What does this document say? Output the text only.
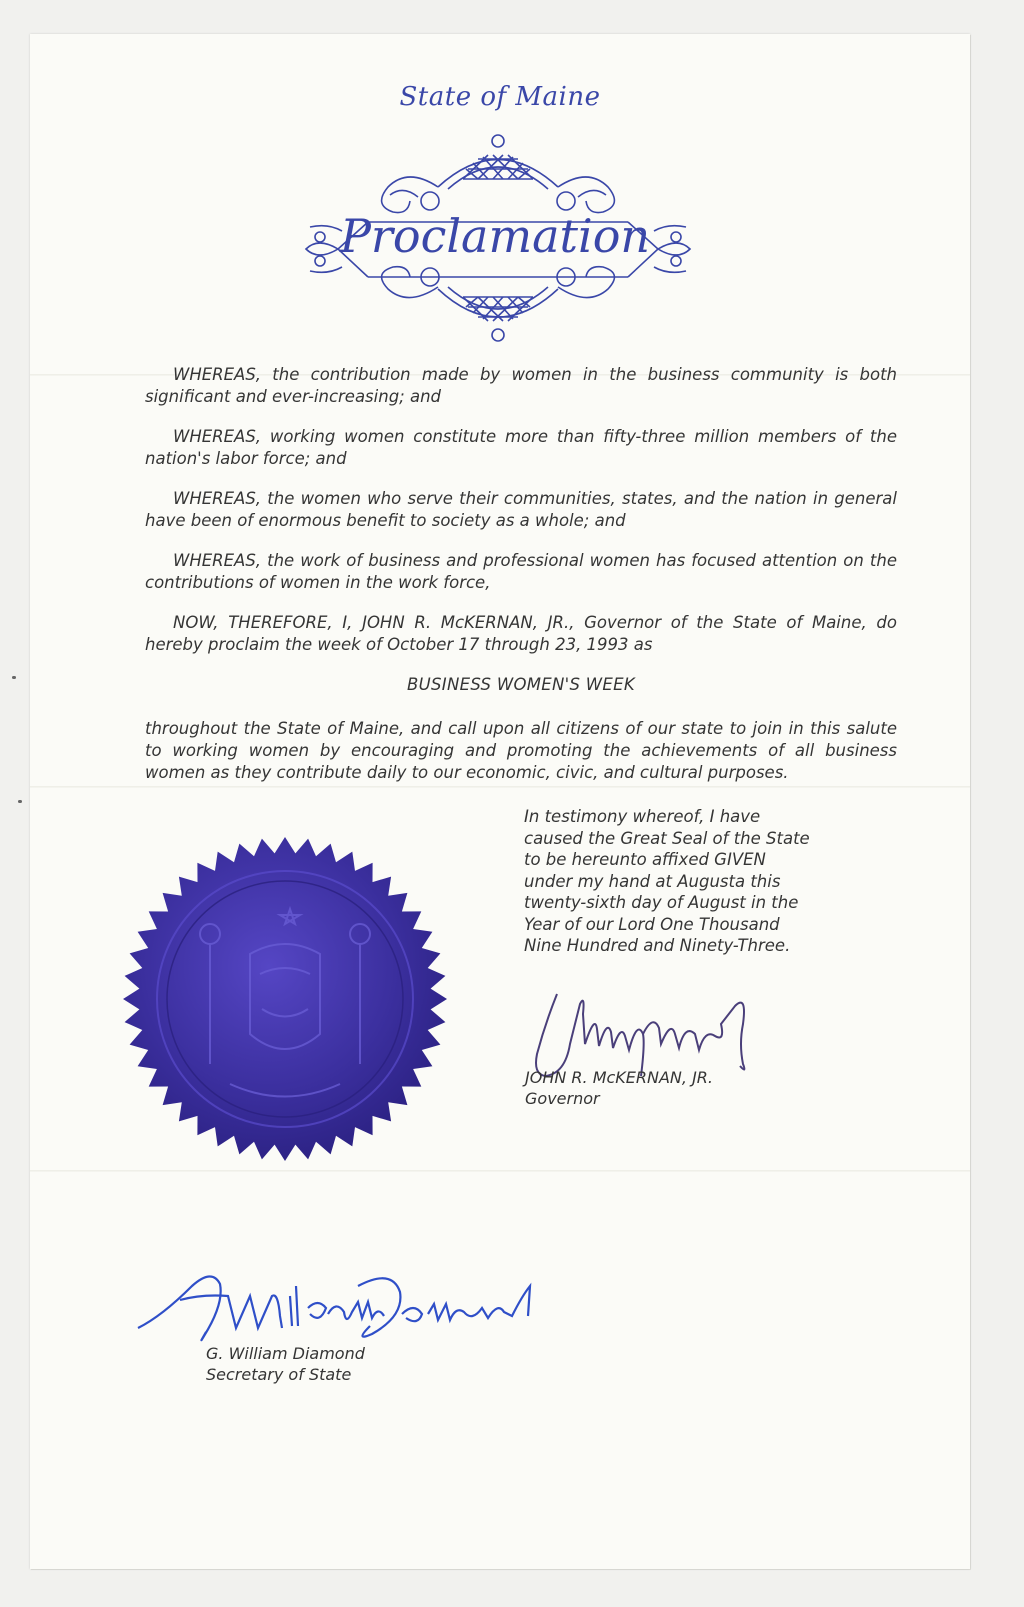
State of Maine
Proclamation

WHEREAS, the contribution made by women in the business community is both significant and ever-increasing; and

WHEREAS, working women constitute more than fifty-three million members of the nation's labor force; and

WHEREAS, the women who serve their communities, states, and the nation in general have been of enormous benefit to society as a whole; and

WHEREAS, the work of business and professional women has focused attention on the contributions of women in the work force,

NOW, THEREFORE, I, JOHN R. McKERNAN, JR., Governor of the State of Maine, do hereby proclaim the week of October 17 through 23, 1993 as

BUSINESS WOMEN'S WEEK

throughout the State of Maine, and call upon all citizens of our state to join in this salute to working women by encouraging and promoting the achievements of all business women as they contribute daily to our economic, civic, and cultural purposes.

In testimony whereof, I have
caused the Great Seal of the State
to be hereunto affixed GIVEN
under my hand at Augusta this
twenty-sixth day of August in the
Year of our Lord One Thousand
Nine Hundred and Ninety-Three.
JOHN R. McKERNAN, JR.
Governor
G. William Diamond
Secretary of State
